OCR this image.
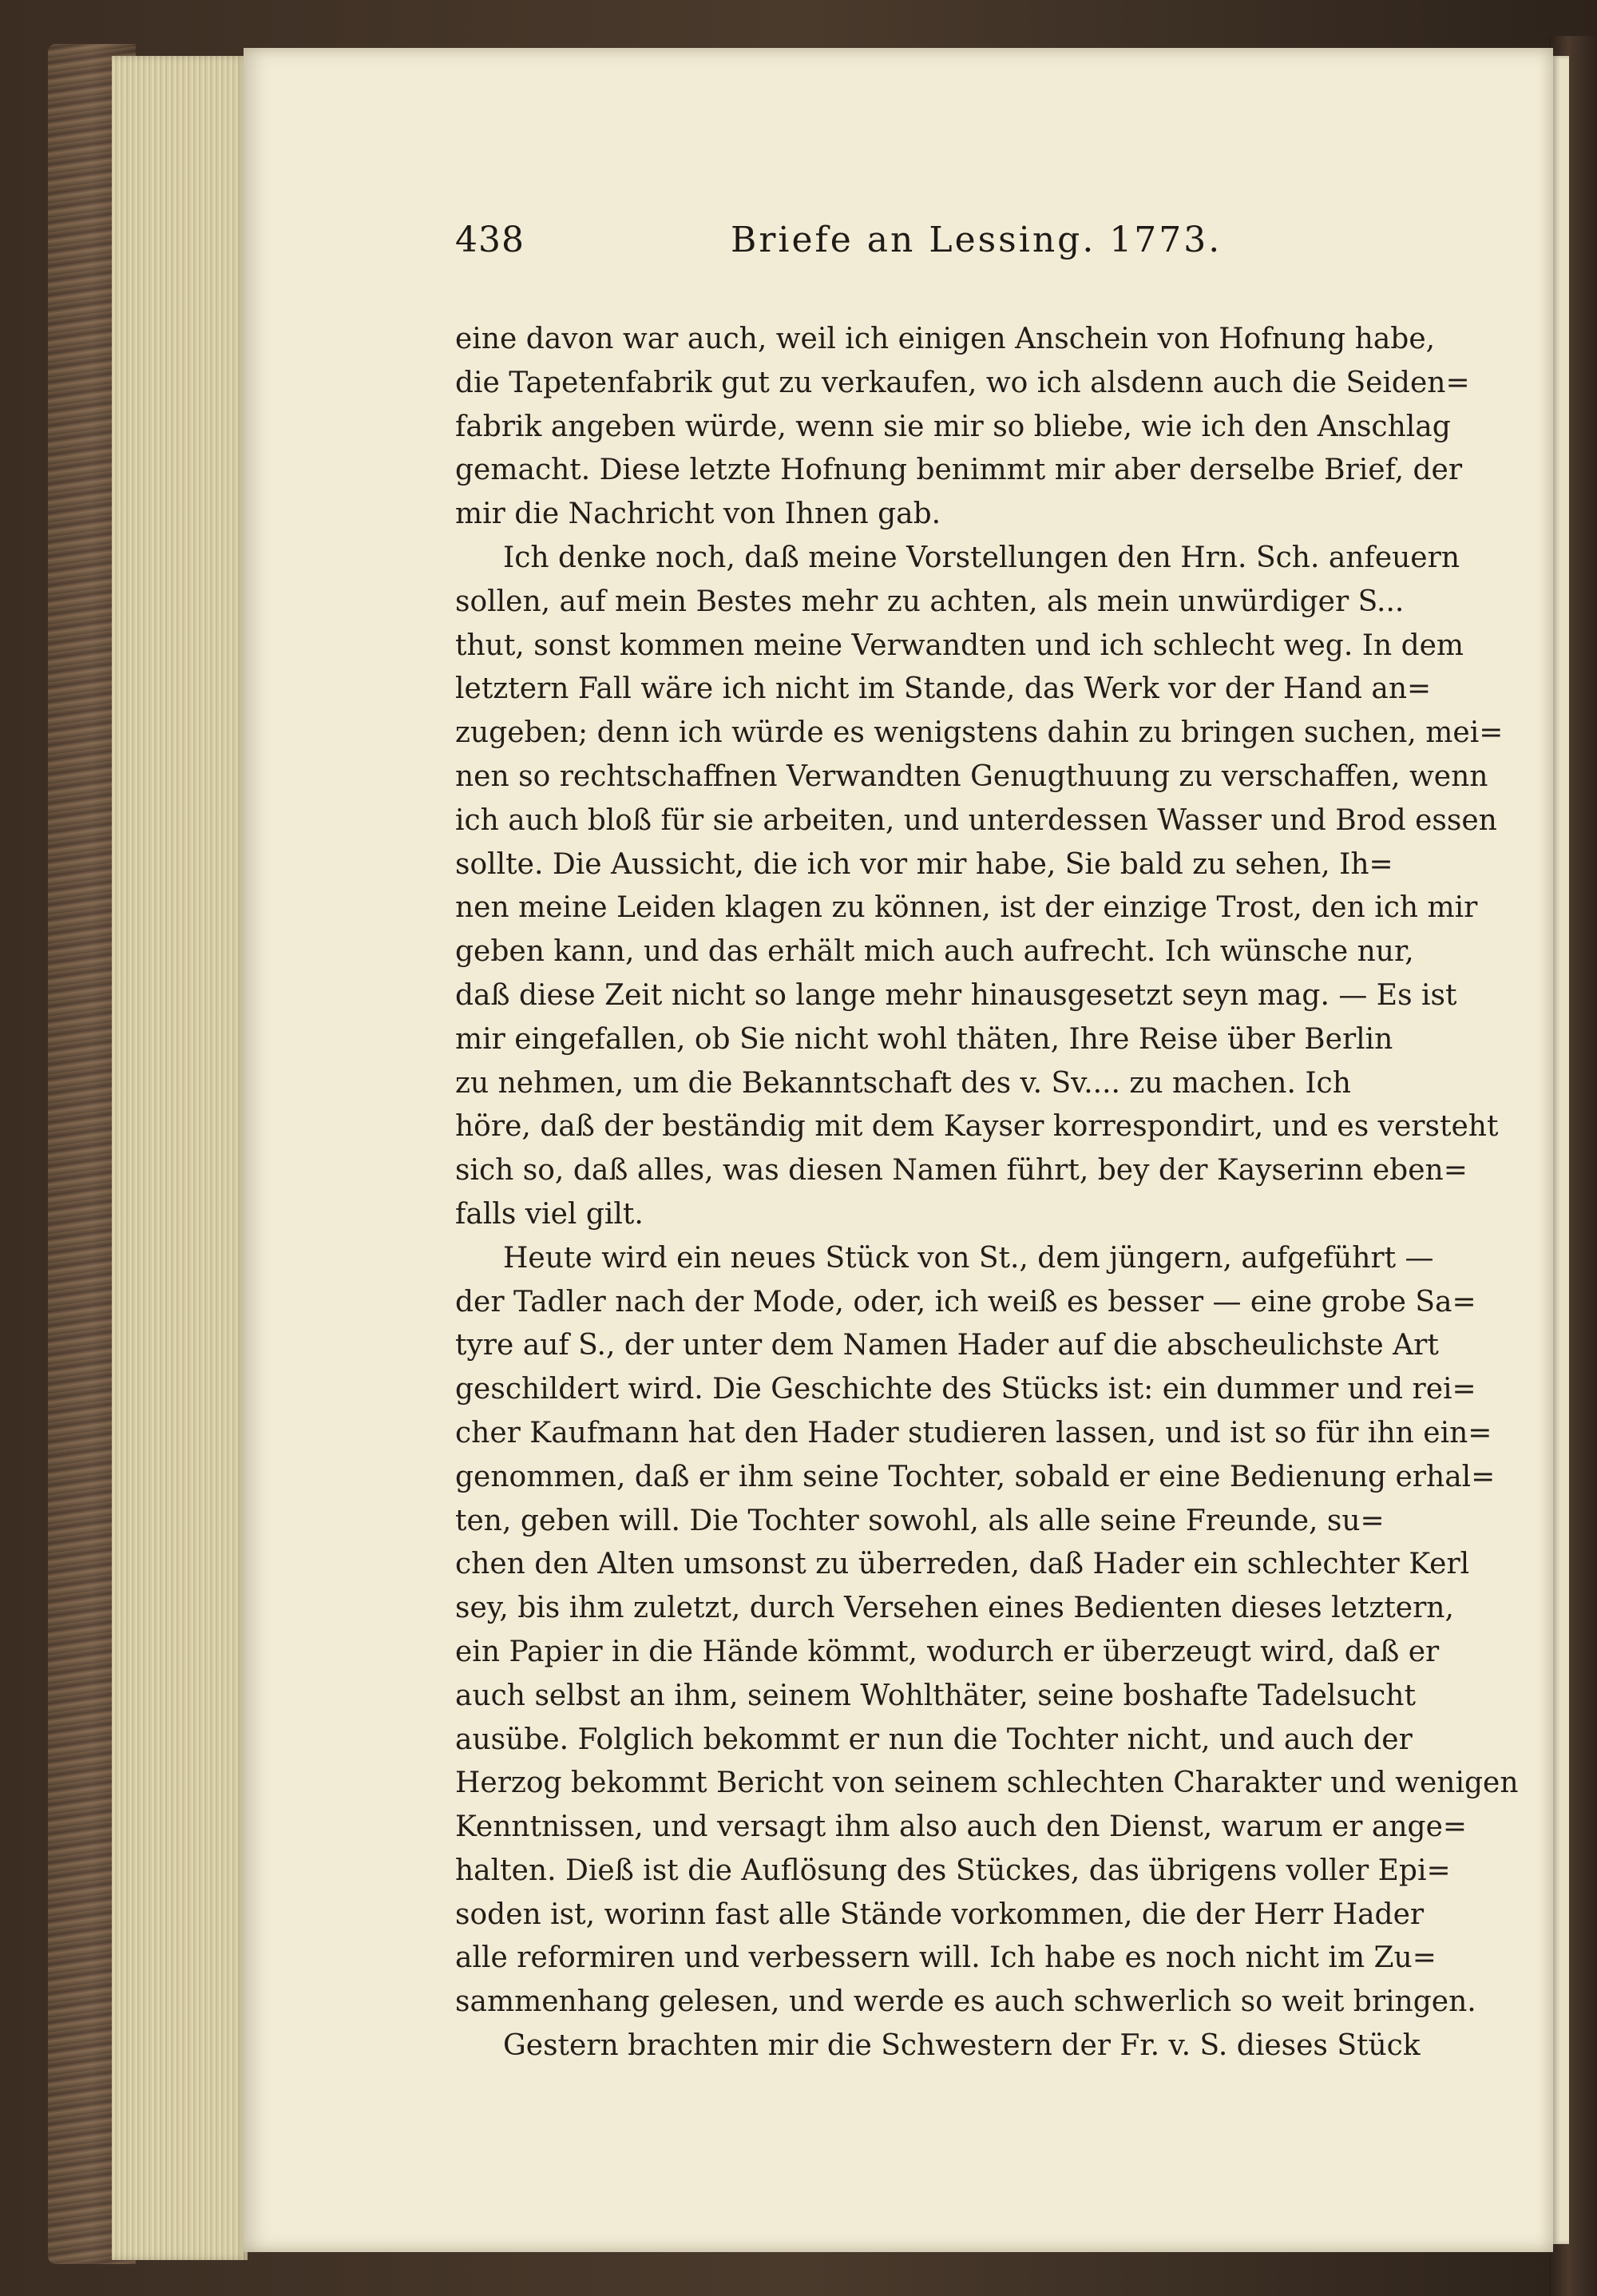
438	Briefe an Lessing. 1773.
eine davon war auch, weil ich einigen Anschein von Hofnung habe,
die Tapetenfabrik gut zu verkaufen, wo ich alsdenn auch die Seiden=
fabrik angeben würde, wenn sie mir so bliebe, wie ich den Anschlag
gemacht. Diese letzte Hofnung benimmt mir aber derselbe Brief, der
mir die Nachricht von Ihnen gab.
Ich denke noch, daß meine Vorstellungen den Hrn. Sch. anfeuern
sollen, auf mein Bestes mehr zu achten, als mein unwürdiger S...
thut, sonst kommen meine Verwandten und ich schlecht weg. In dem
letztern Fall wäre ich nicht im Stande, das Werk vor der Hand an=
zugeben; denn ich würde es wenigstens dahin zu bringen suchen, mei=
nen so rechtschaffnen Verwandten Genugthuung zu verschaffen, wenn
ich auch bloß für sie arbeiten, und unterdessen Wasser und Brod essen
sollte. Die Aussicht, die ich vor mir habe, Sie bald zu sehen, Ih=
nen meine Leiden klagen zu können, ist der einzige Trost, den ich mir
geben kann, und das erhält mich auch aufrecht. Ich wünsche nur,
daß diese Zeit nicht so lange mehr hinausgesetzt seyn mag. — Es ist
mir eingefallen, ob Sie nicht wohl thäten, Ihre Reise über Berlin
zu nehmen, um die Bekanntschaft des v. Sv.... zu machen. Ich
höre, daß der beständig mit dem Kayser korrespondirt, und es versteht
sich so, daß alles, was diesen Namen führt, bey der Kayserinn eben=
falls viel gilt.
Heute wird ein neues Stück von St., dem jüngern, aufgeführt —
der Tadler nach der Mode, oder, ich weiß es besser — eine grobe Sa=
tyre auf S., der unter dem Namen Hader auf die abscheulichste Art
geschildert wird. Die Geschichte des Stücks ist: ein dummer und rei=
cher Kaufmann hat den Hader studieren lassen, und ist so für ihn ein=
genommen, daß er ihm seine Tochter, sobald er eine Bedienung erhal=
ten, geben will. Die Tochter sowohl, als alle seine Freunde, su=
chen den Alten umsonst zu überreden, daß Hader ein schlechter Kerl
sey, bis ihm zuletzt, durch Versehen eines Bedienten dieses letztern,
ein Papier in die Hände kömmt, wodurch er überzeugt wird, daß er
auch selbst an ihm, seinem Wohlthäter, seine boshafte Tadelsucht
ausübe. Folglich bekommt er nun die Tochter nicht, und auch der
Herzog bekommt Bericht von seinem schlechten Charakter und wenigen
Kenntnissen, und versagt ihm also auch den Dienst, warum er ange=
halten. Dieß ist die Auflösung des Stückes, das übrigens voller Epi=
soden ist, worinn fast alle Stände vorkommen, die der Herr Hader
alle reformiren und verbessern will. Ich habe es noch nicht im Zu=
sammenhang gelesen, und werde es auch schwerlich so weit bringen.
Gestern brachten mir die Schwestern der Fr. v. S. dieses Stück
